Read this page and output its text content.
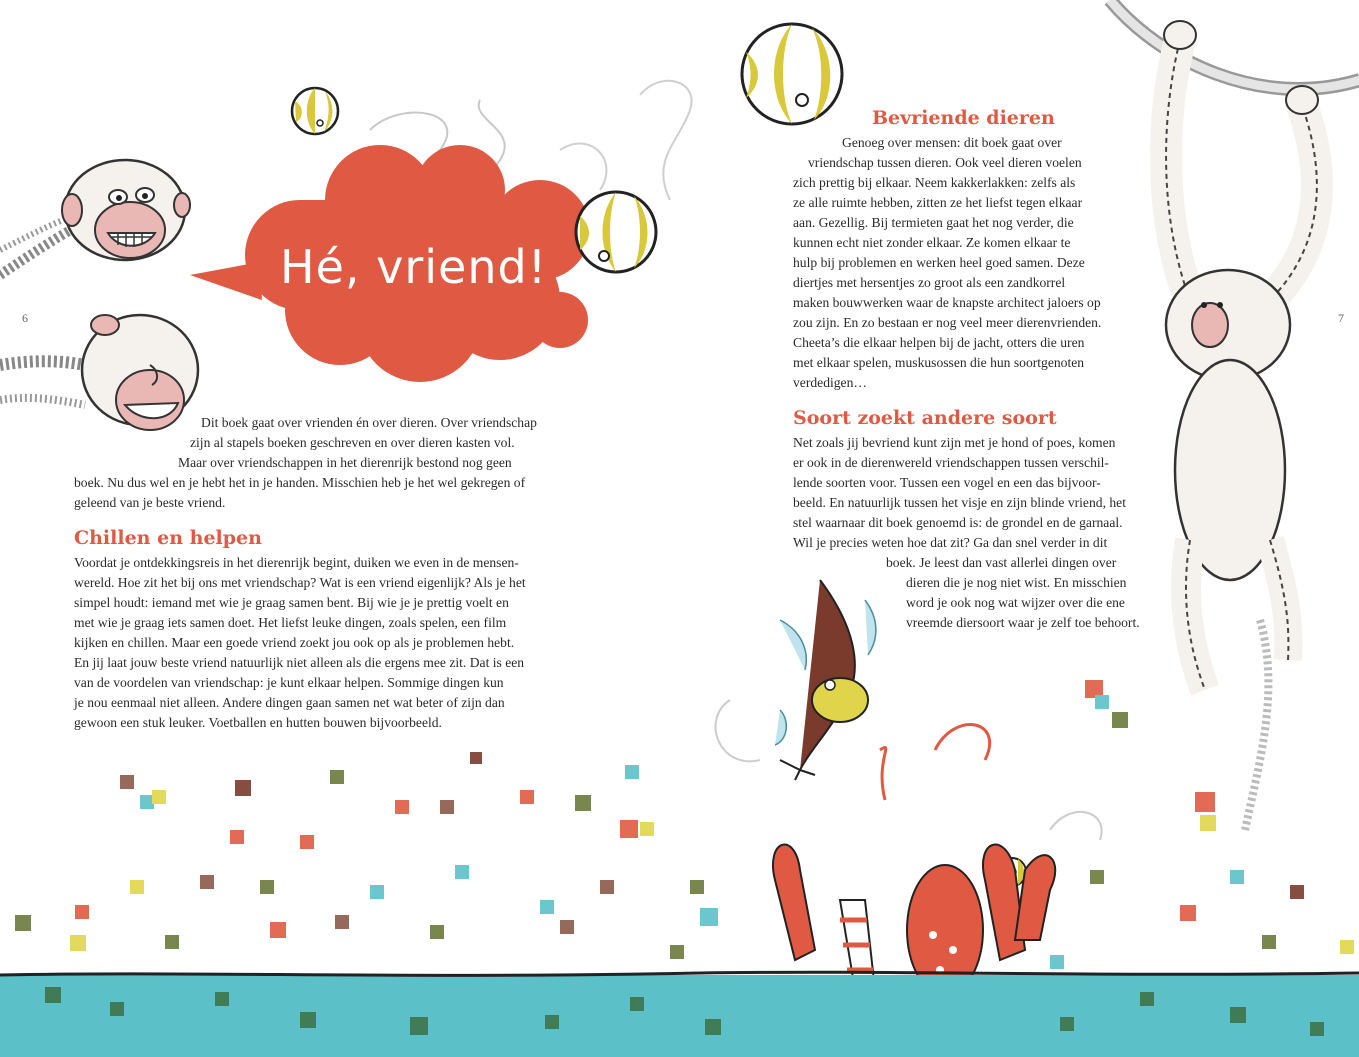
Hé, vriend!
6	7
Dit boek gaat over vrienden én over dieren. Over vriendschap
zijn al stapels boeken geschreven en over dieren kasten vol.
Maar over vriendschappen in het dierenrijk bestond nog geen
boek. Nu dus wel en je hebt het in je handen. Misschien heb je het wel gekregen of
geleend van je beste vriend.
Chillen en helpen
Voordat je ontdekkingsreis in het dierenrijk begint, duiken we even in de mensen-
wereld. Hoe zit het bij ons met vriendschap? Wat is een vriend eigenlijk? Als je het
simpel houdt: iemand met wie je graag samen bent. Bij wie je je prettig voelt en
met wie je graag iets samen doet. Het liefst leuke dingen, zoals spelen, een film
kijken en chillen. Maar een goede vriend zoekt jou ook op als je problemen hebt.
En jij laat jouw beste vriend natuurlijk niet alleen als die ergens mee zit. Dat is een
van de voordelen van vriendschap: je kunt elkaar helpen. Sommige dingen kun
je nou eenmaal niet alleen. Andere dingen gaan samen net wat beter of zijn dan
gewoon een stuk leuker. Voetballen en hutten bouwen bijvoorbeeld.
Bevriende dieren
Genoeg over mensen: dit boek gaat over
vriendschap tussen dieren. Ook veel dieren voelen
zich prettig bij elkaar. Neem kakkerlakken: zelfs als
ze alle ruimte hebben, zitten ze het liefst tegen elkaar
aan. Gezellig. Bij termieten gaat het nog verder, die
kunnen echt niet zonder elkaar. Ze komen elkaar te
hulp bij problemen en werken heel goed samen. Deze
diertjes met hersentjes zo groot als een zandkorrel
maken bouwwerken waar de knapste architect jaloers op
zou zijn. En zo bestaan er nog veel meer dierenvrienden.
Cheeta’s die elkaar helpen bij de jacht, otters die uren
met elkaar spelen, muskusossen die hun soortgenoten
verdedigen…
Soort zoekt andere soort
Net zoals jij bevriend kunt zijn met je hond of poes, komen
er ook in de dierenwereld vriendschappen tussen verschil-
lende soorten voor. Tussen een vogel en een das bijvoor-
beeld. En natuurlijk tussen het visje en zijn blinde vriend, het
stel waarnaar dit boek genoemd is: de grondel en de garnaal.
Wil je precies weten hoe dat zit? Ga dan snel verder in dit
boek. Je leest dan vast allerlei dingen over
dieren die je nog niet wist. En misschien
word je ook nog wat wijzer over die ene
vreemde diersoort waar je zelf toe behoort.
